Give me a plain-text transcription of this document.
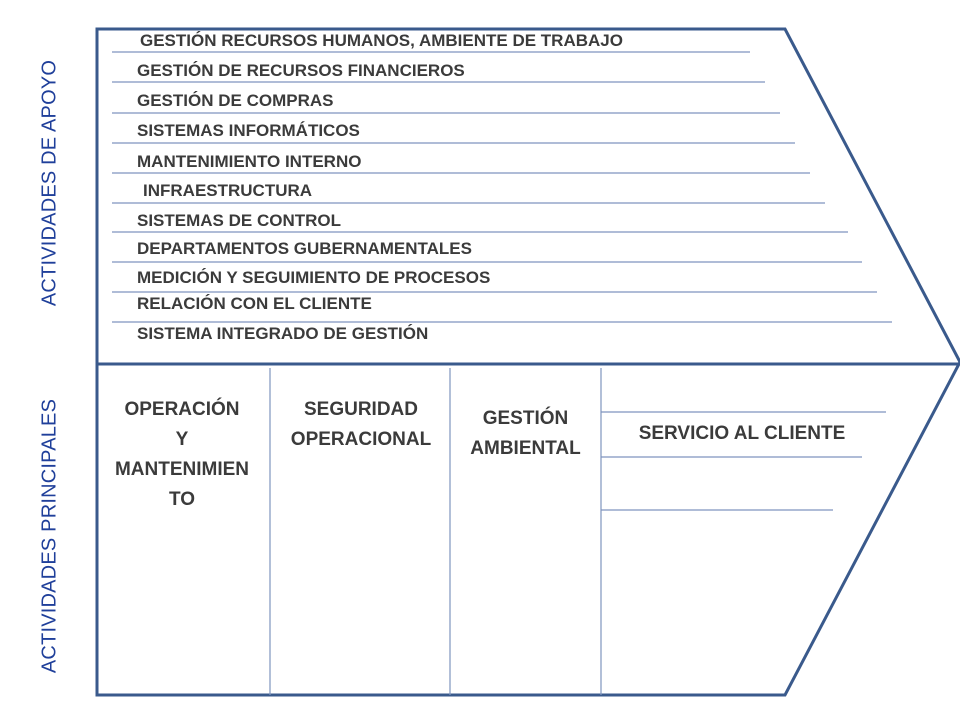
ACTIVIDADES DE APOYO
ACTIVIDADES PRINCIPALES
GESTIÓN RECURSOS HUMANOS, AMBIENTE DE TRABAJO
GESTIÓN DE RECURSOS FINANCIEROS
GESTIÓN DE COMPRAS
SISTEMAS INFORMÁTICOS
MANTENIMIENTO INTERNO
INFRAESTRUCTURA
SISTEMAS DE CONTROL
DEPARTAMENTOS GUBERNAMENTALES
MEDICIÓN Y SEGUIMIENTO DE PROCESOS
RELACIÓN CON EL CLIENTE
SISTEMA INTEGRADO DE GESTIÓN
OPERACIÓN
Y
MANTENIMIEN
TO
SEGURIDAD
OPERACIONAL
GESTIÓN
AMBIENTAL
SERVICIO AL CLIENTE
